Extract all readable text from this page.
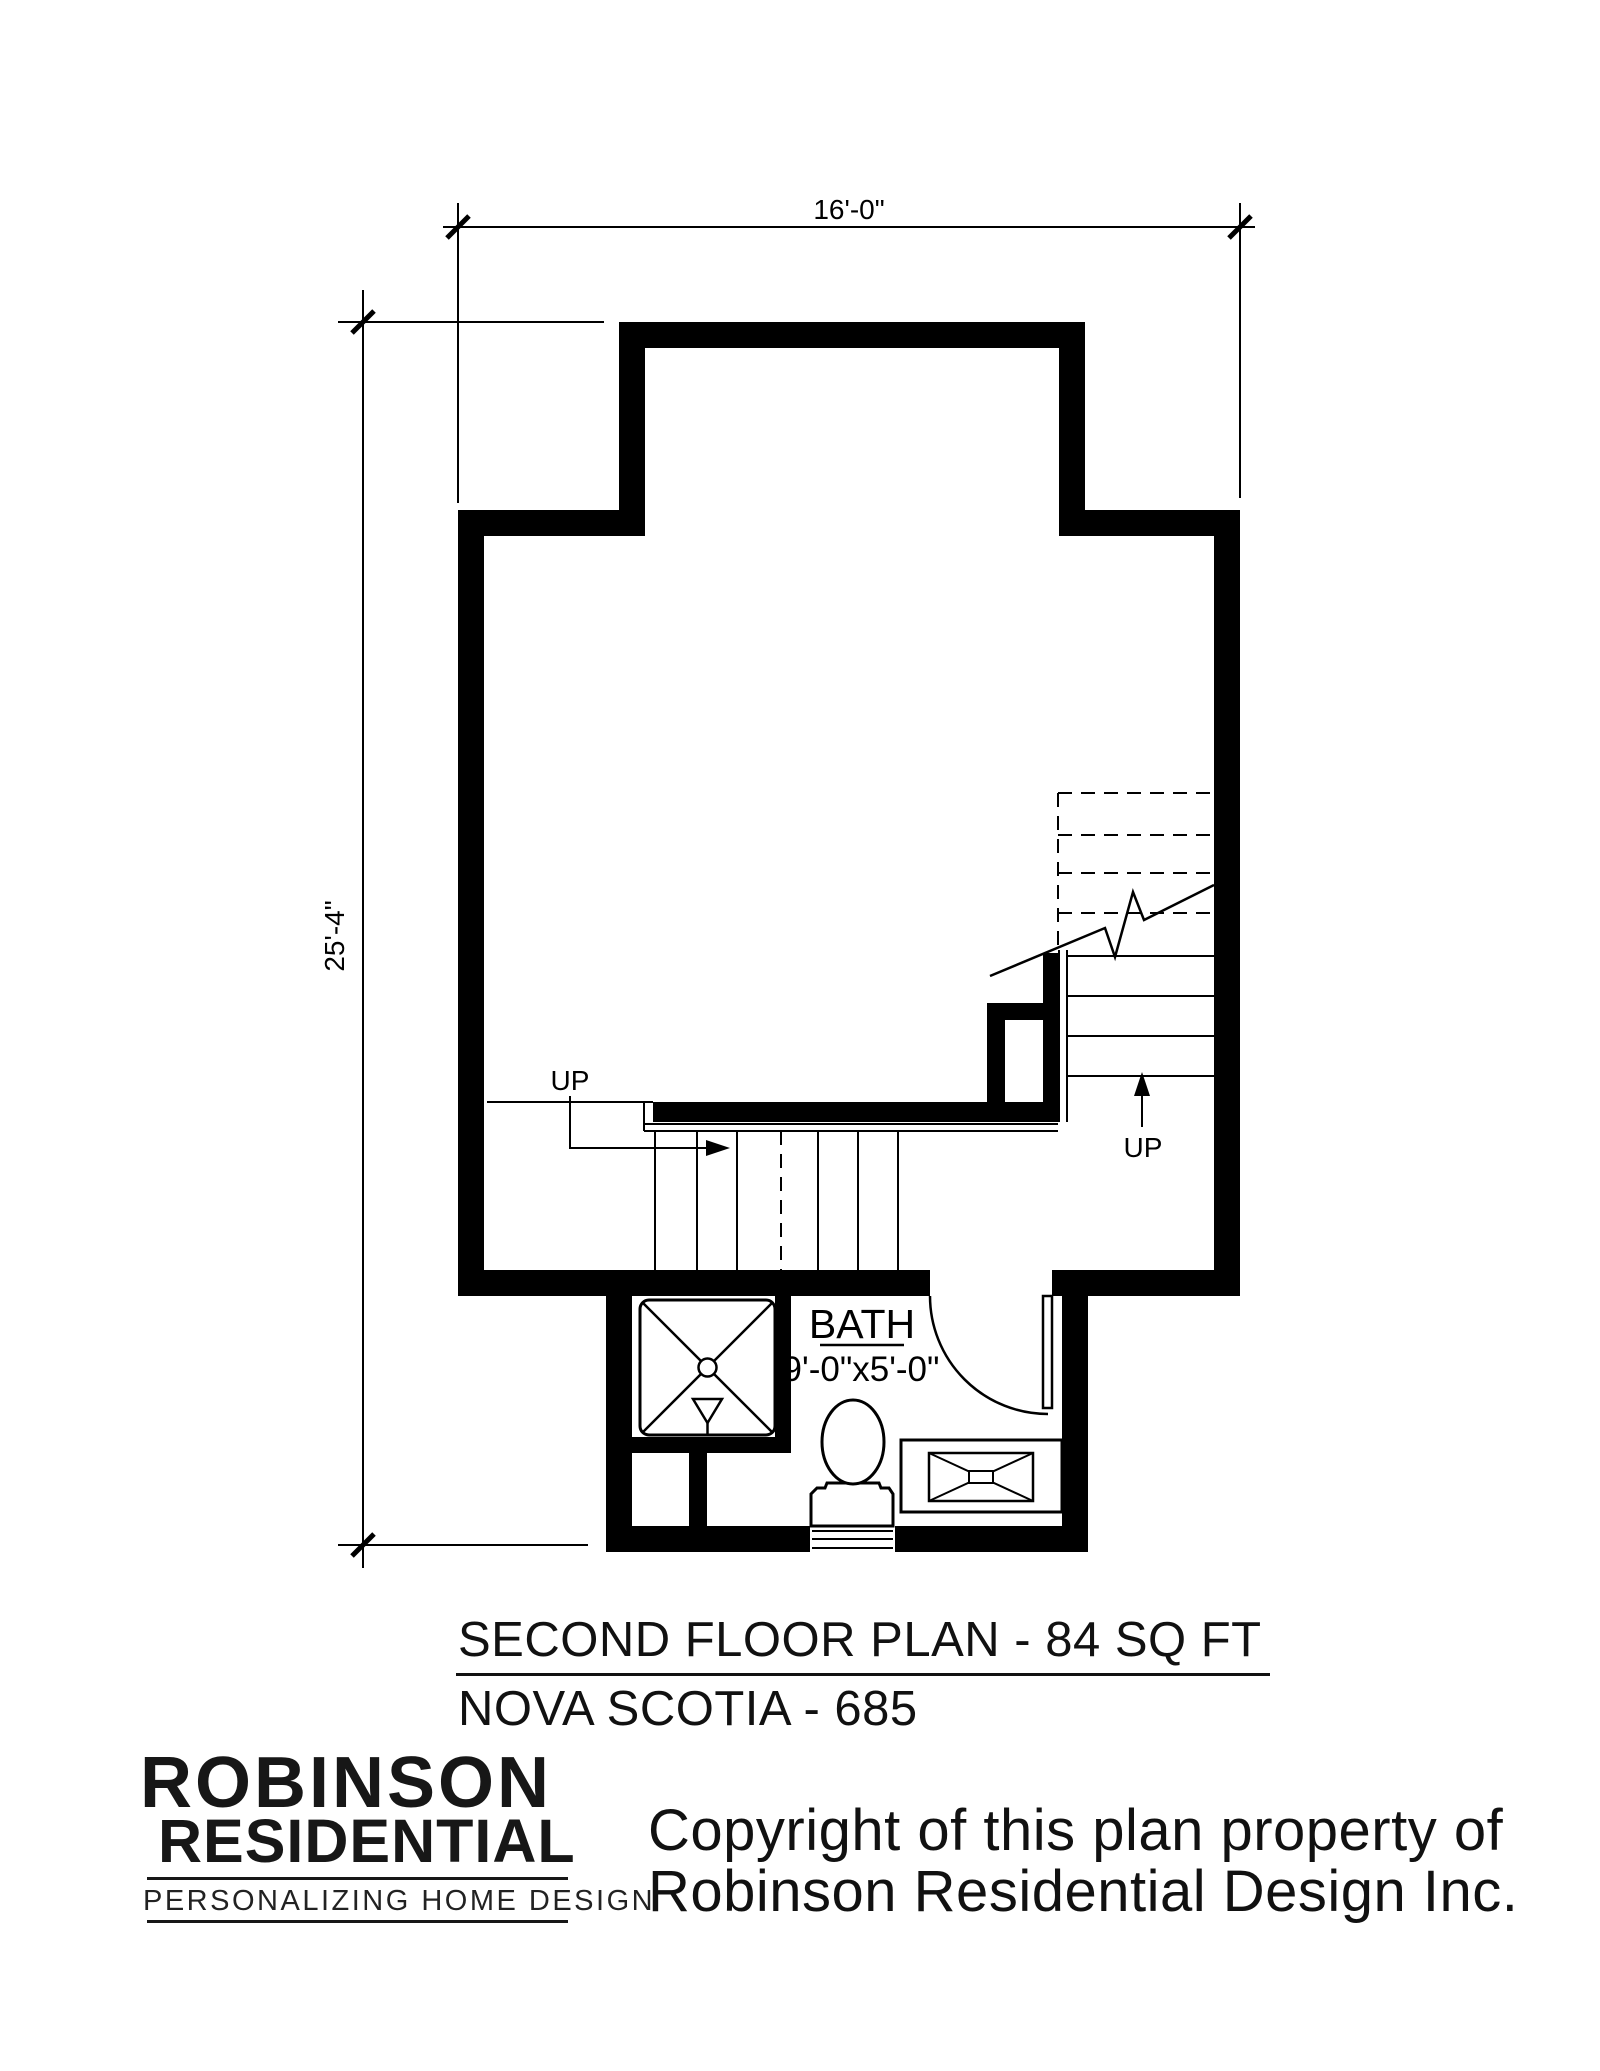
16'-0"
25'-4"
UP
UP
BATH
9'-0"x5'-0"
SECOND FLOOR PLAN - 84 SQ FT
NOVA SCOTIA - 685
ROBINSON
RESIDENTIAL
PERSONALIZING HOME DESIGN
Copyright of this plan property of
Robinson Residential Design Inc.
